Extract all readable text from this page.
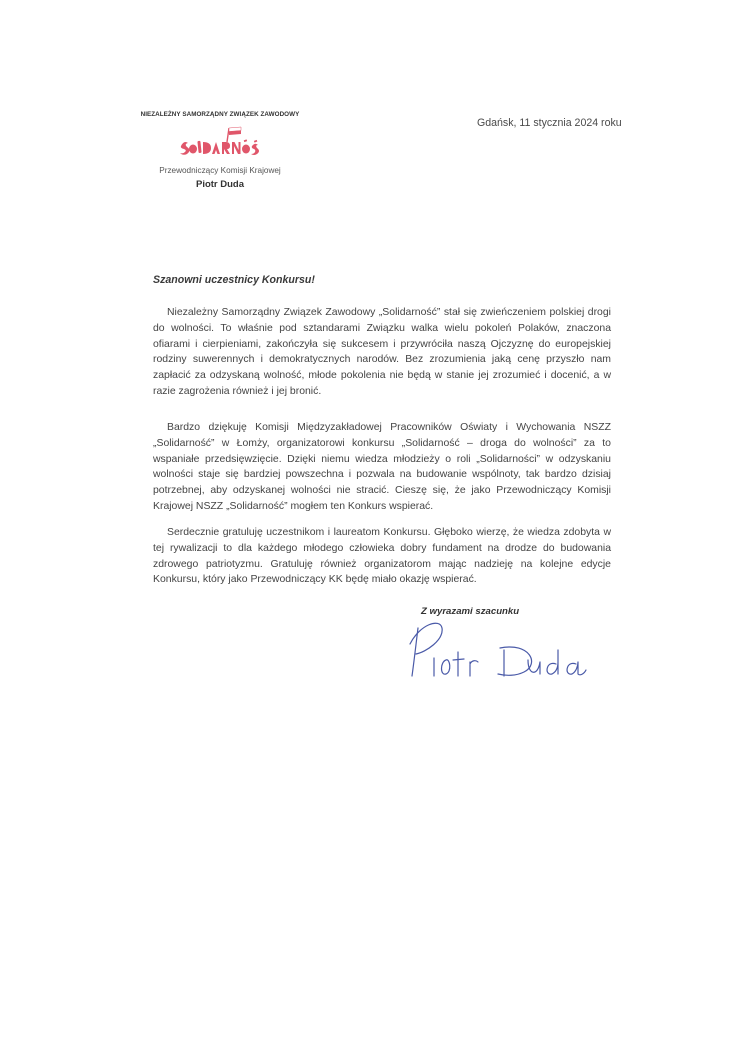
NIEZALEŻNY SAMORZĄDNY ZWIĄZEK ZAWODOWY
Przewodniczący Komisji Krajowej
Piotr Duda
Gdańsk, 11 stycznia 2024 roku
Szanowni uczestnicy Konkursu!

Niezależny Samorządny Związek Zawodowy „Solidarność” stał się zwieńczeniem polskiej drogi do wolności. To właśnie pod sztandarami Związku walka wielu pokoleń Polaków, znaczona ofiarami i cierpieniami, zakończyła się sukcesem i przywróciła naszą Ojczyznę do europejskiej rodziny suwerennych i demokratycznych narodów. Bez zrozumienia jaką cenę przyszło nam zapłacić za odzyskaną wolność, młode pokolenia nie będą w stanie jej zrozumieć i docenić, a w razie zagrożenia również i jej bronić.

Bardzo dziękuję Komisji Międzyzakładowej Pracowników Oświaty i Wychowania NSZZ „Solidarność” w Łomży, organizatorowi konkursu „Solidarność – droga do wolności” za to wspaniałe przedsięwzięcie. Dzięki niemu wiedza młodzieży o roli „Solidarności” w odzyskaniu wolności staje się bardziej powszechna i pozwala na budowanie wspólnoty, tak bardzo dzisiaj potrzebnej, aby odzyskanej wolności nie stracić. Cieszę się, że jako Przewodniczący Komisji Krajowej NSZZ „Solidarność” mogłem ten Konkurs wspierać.

Serdecznie gratuluję uczestnikom i laureatom Konkursu. Głęboko wierzę, że wiedza zdobyta w tej rywalizacji to dla każdego młodego człowieka dobry fundament na drodze do budowania zdrowego patriotyzmu. Gratuluję również organizatorom mając nadzieję na kolejne edycje Konkursu, który jako Przewodniczący KK będę miało okazję wspierać.

Z wyrazami szacunku
